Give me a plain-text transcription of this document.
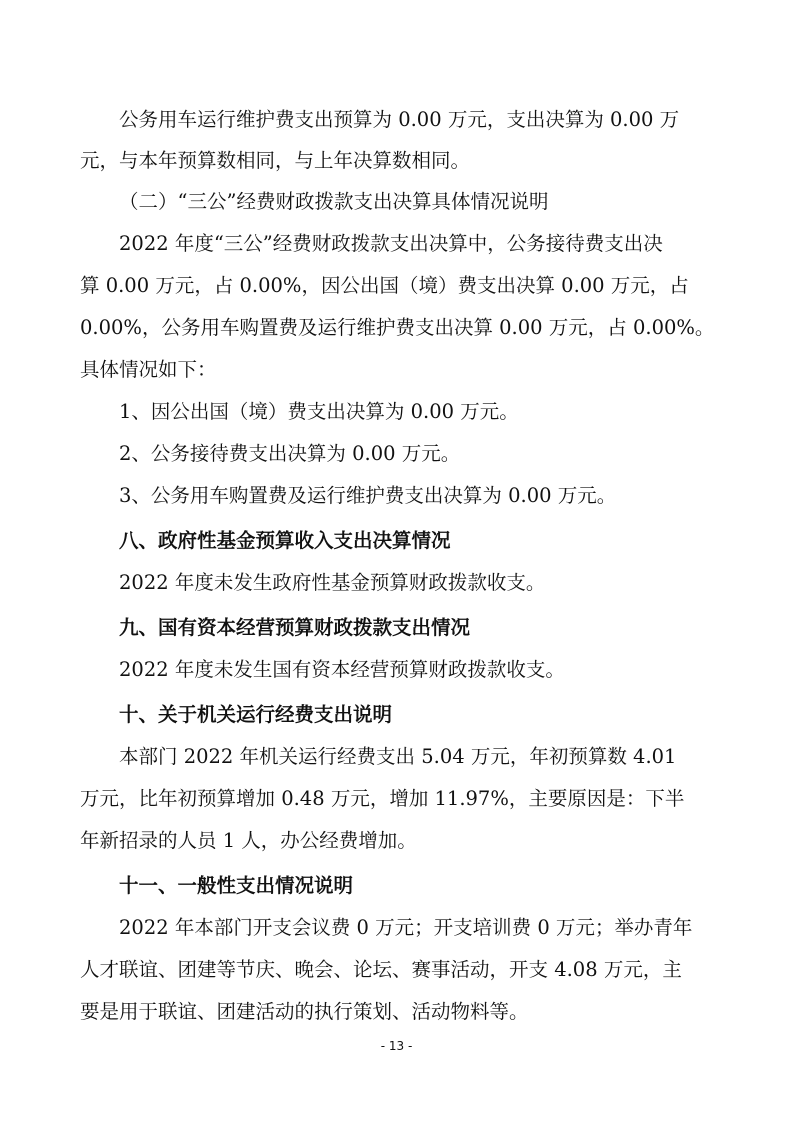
公务用车运行维护费支出预算为 0.00 万元，支出决算为 0.00 万
元，与本年预算数相同，与上年决算数相同。
（二）“三公”经费财政拨款支出决算具体情况说明
2022 年度“三公”经费财政拨款支出决算中，公务接待费支出决
算 0.00 万元，占 0.00%，因公出国（境）费支出决算 0.00 万元，占
0.00%，公务用车购置费及运行维护费支出决算 0.00 万元，占 0.00%。
具体情况如下：
1、因公出国（境）费支出决算为 0.00 万元。
2、公务接待费支出决算为 0.00 万元。
3、公务用车购置费及运行维护费支出决算为 0.00 万元。
八、政府性基金预算收入支出决算情况
2022 年度未发生政府性基金预算财政拨款收支。
九、国有资本经营预算财政拨款支出情况
2022 年度未发生国有资本经营预算财政拨款收支。
十、关于机关运行经费支出说明
本部门 2022 年机关运行经费支出 5.04 万元，年初预算数 4.01
万元，比年初预算增加 0.48 万元，增加 11.97%，主要原因是：下半
年新招录的人员 1 人，办公经费增加。
十一、一般性支出情况说明
2022 年本部门开支会议费 0 万元；开支培训费 0 万元；举办青年
人才联谊、团建等节庆、晚会、论坛、赛事活动，开支 4.08 万元，主
要是用于联谊、团建活动的执行策划、活动物料等。
- 13 -
